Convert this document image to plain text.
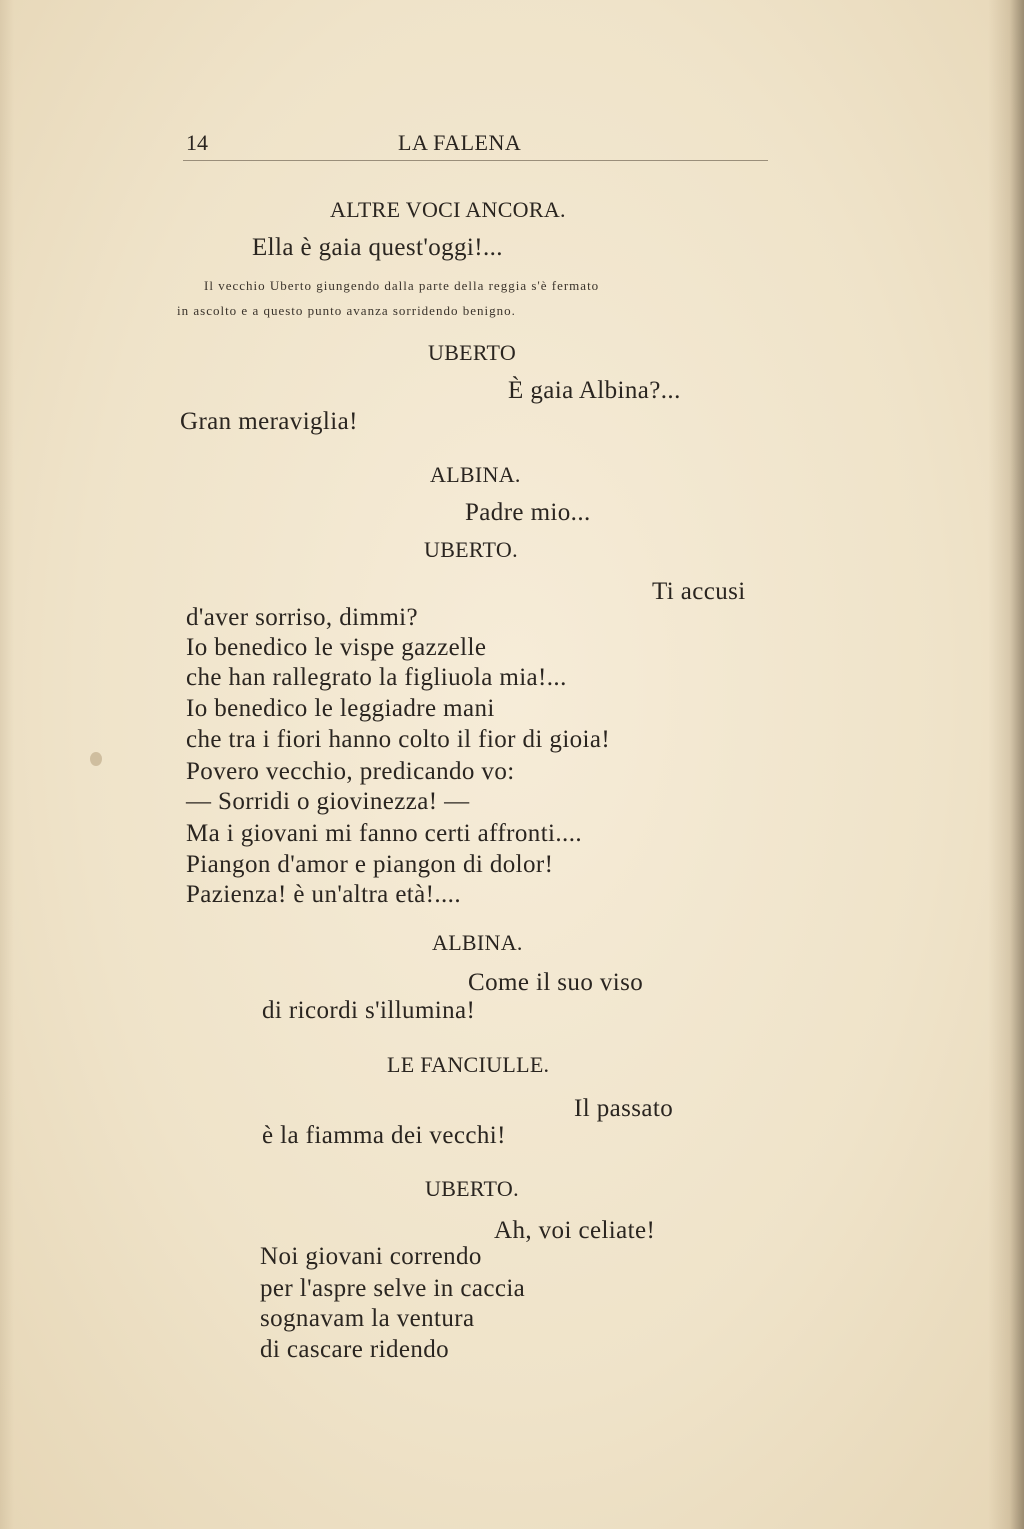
14	LA FALENA
ALTRE VOCI ANCORA.
Ella è gaia quest'oggi!...
Il vecchio Uberto giungendo dalla parte della reggia s'è fermato
in ascolto e a questo punto avanza sorridendo benigno.
UBERTO
È gaia Albina?...
Gran meraviglia!
ALBINA.
Padre mio...
UBERTO.
Ti accusi
d'aver sorriso, dimmi?
Io benedico le vispe gazzelle
che han rallegrato la figliuola mia!...
Io benedico le leggiadre mani
che tra i fiori hanno colto il fior di gioia!
Povero vecchio, predicando vo:
— Sorridi o giovinezza! —
Ma i giovani mi fanno certi affronti....
Piangon d'amor e piangon di dolor!
Pazienza! è un'altra età!....
ALBINA.
Come il suo viso
di ricordi s'illumina!
LE FANCIULLE.
Il passato
è la fiamma dei vecchi!
UBERTO.
Ah, voi celiate!
Noi giovani correndo
per l'aspre selve in caccia
sognavam la ventura
di cascare ridendo
